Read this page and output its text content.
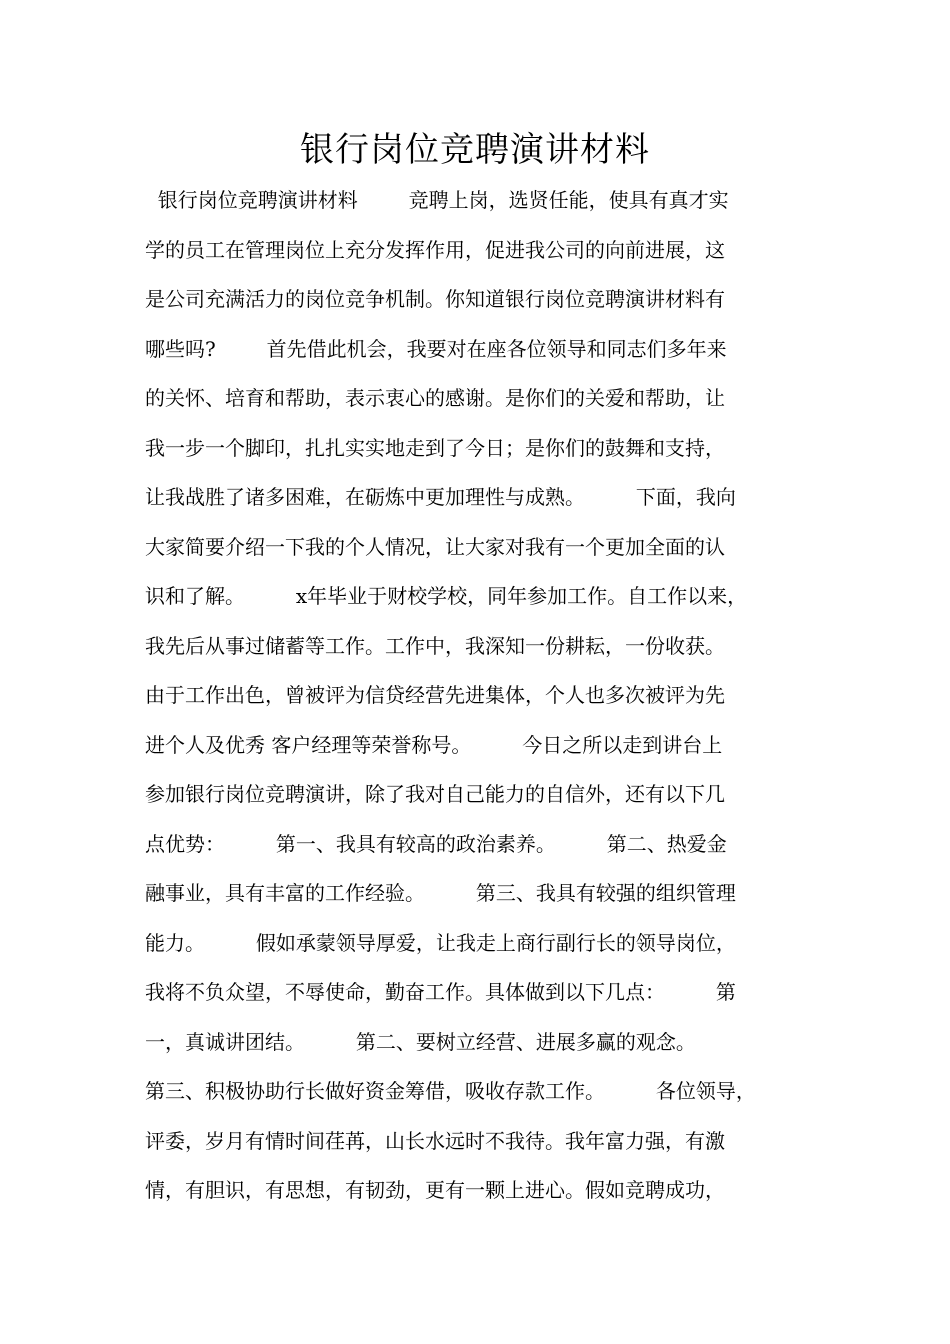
银行岗位竞聘演讲材料
银行岗位竞聘演讲材料        竞聘上岗，选贤任能，使具有真才实
学的员工在管理岗位上充分发挥作用，促进我公司的向前进展，这
是公司充满活力的岗位竞争机制。你知道银行岗位竞聘演讲材料有
哪些吗?        首先借此机会，我要对在座各位领导和同志们多年来
的关怀、培育和帮助，表示衷心的感谢。是你们的关爱和帮助，让
我一步一个脚印，扎扎实实地走到了今日；是你们的鼓舞和支持，
让我战胜了诸多困难，在砺炼中更加理性与成熟。        下面，我向
大家简要介绍一下我的个人情况，让大家对我有一个更加全面的认
识和了解。        x年毕业于财校学校，同年参加工作。自工作以来，
我先后从事过储蓄等工作。工作中，我深知一份耕耘，一份收获。
由于工作出色，曾被评为信贷经营先进集体，个人也多次被评为先
进个人及优秀 客户经理等荣誉称号。        今日之所以走到讲台上
参加银行岗位竞聘演讲，除了我对自己能力的自信外，还有以下几
点优势：        第一、我具有较高的政治素养。        第二、热爱金
融事业，具有丰富的工作经验。        第三、我具有较强的组织管理
能力。        假如承蒙领导厚爱，让我走上商行副行长的领导岗位，
我将不负众望，不辱使命，勤奋工作。具体做到以下几点：        第
一，真诚讲团结。        第二、要树立经营、进展多赢的观念。
第三、积极协助行长做好资金筹借，吸收存款工作。        各位领导，
评委，岁月有情时间荏苒，山长水远时不我待。我年富力强，有激
情，有胆识，有思想，有韧劲，更有一颗上进心。假如竞聘成功，
